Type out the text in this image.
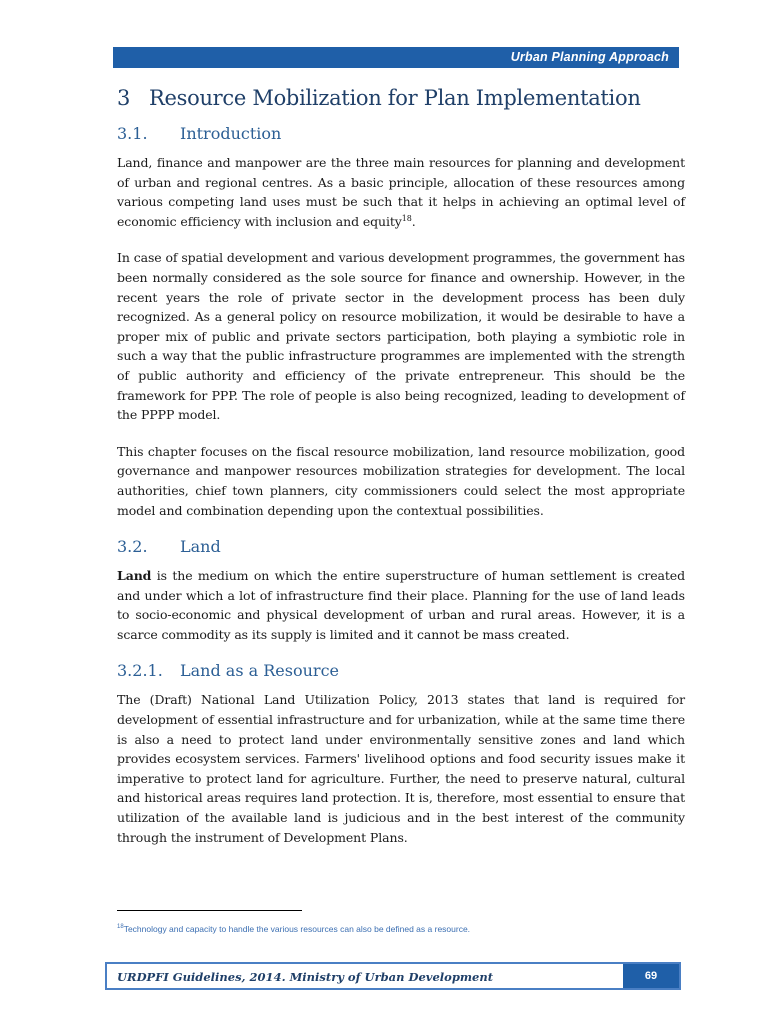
Urban Planning Approach
3 Resource Mobilization for Plan Implementation
3.1. Introduction

Land, finance and manpower are the three main resources for planning and development of urban and regional centres. As a basic principle, allocation of these resources among various competing land uses must be such that it helps in achieving an optimal level of economic efficiency with inclusion and equity$^{18}$.

In case of spatial development and various development programmes, the government has been normally considered as the sole source for finance and ownership. However, in the recent years the role of private sector in the development process has been duly recognized. As a general policy on resource mobilization, it would be desirable to have a proper mix of public and private sectors participation, both playing a symbiotic role in such a way that the public infrastructure programmes are implemented with the strength of public authority and efficiency of the private entrepreneur. This should be the framework for PPP. The role of people is also being recognized, leading to development of the PPPP model.

This chapter focuses on the fiscal resource mobilization, land resource mobilization, good governance and manpower resources mobilization strategies for development. The local authorities, chief town planners, city commissioners could select the most appropriate model and combination depending upon the contextual possibilities.

3.2. Land

Land is the medium on which the entire superstructure of human settlement is created and under which a lot of infrastructure find their place. Planning for the use of land leads to socio-economic and physical development of urban and rural areas. However, it is a scarce commodity as its supply is limited and it cannot be mass created.

3.2.1. Land as a Resource

The (Draft) National Land Utilization Policy, 2013 states that land is required for development of essential infrastructure and for urbanization, while at the same time there is also a need to protect land under environmentally sensitive zones and land which provides ecosystem services. Farmers' livelihood options and food security issues make it imperative to protect land for agriculture. Further, the need to preserve natural, cultural and historical areas requires land protection. It is, therefore, most essential to ensure that utilization of the available land is judicious and in the best interest of the community through the instrument of Development Plans.

$^{18}$Technology and capacity to handle the various resources can also be defined as a resource.
URDPFI Guidelines, 2014. Ministry of Urban Development	69
